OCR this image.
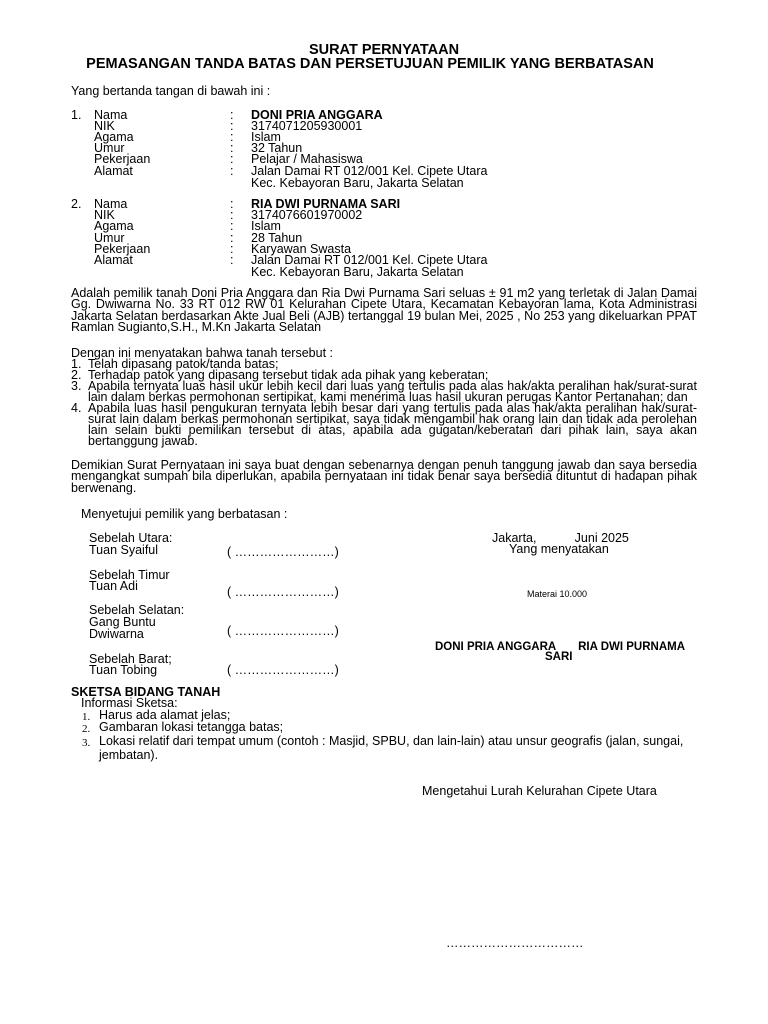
SURAT PERNYATAAN
PEMASANGAN TANDA BATAS DAN PERSETUJUAN PEMILIK YANG BERBATASAN
Yang bertanda tangan di bawah ini :
1. Nama	: DONI PRIA ANGGARA
NIK	: 3174071205930001
Agama	: Islam
Umur	: 32 Tahun
Pekerjaan	: Pelajar / Mahasiswa
Alamat	: Jalan Damai RT 012/001 Kel. Cipete Utara
Kec. Kebayoran Baru, Jakarta Selatan
2. Nama	: RIA DWI PURNAMA SARI
NIK	: 3174076601970002
Agama	: Islam
Umur	: 28 Tahun
Pekerjaan	: Karyawan Swasta
Alamat	: Jalan Damai RT 012/001 Kel. Cipete Utara
Kec. Kebayoran Baru, Jakarta Selatan
Adalah pemilik tanah Doni Pria Anggara dan Ria Dwi Purnama Sari seluas ± 91 m2 yang terletak di Jalan Damai Gg. Dwiwarna No. 33 RT 012 RW 01 Kelurahan Cipete Utara, Kecamatan Kebayoran lama, Kota Administrasi Jakarta Selatan berdasarkan Akte Jual Beli (AJB) tertanggal 19 bulan Mei, 2025 , No 253 yang dikeluarkan PPAT Ramlan Sugianto,S.H., M.Kn Jakarta Selatan
Dengan ini menyatakan bahwa tanah tersebut :
1. Telah dipasang patok/tanda batas;
2. Terhadap patok yang dipasang tersebut tidak ada pihak yang keberatan;
3. Apabila ternyata luas hasil ukur lebih kecil dari luas yang tertulis pada alas hak/akta peralihan hak/surat-surat lain dalam berkas permohonan sertipikat, kami menerima luas hasil ukuran perugas Kantor Pertanahan; dan
4. Apabila luas hasil pengukuran ternyata lebih besar dari yang tertulis pada alas hak/akta peralihan hak/surat-surat lain dalam berkas permohonan sertipikat, saya tidak mengambil hak orang lain dan tidak ada perolehan lain selain bukti pemilikan tersebut di atas, apabila ada gugatan/keberatan dari pihak lain, saya akan bertanggung jawab.
Demikian Surat Pernyataan ini saya buat dengan sebenarnya dengan penuh tanggung jawab dan saya bersedia mengangkat sumpah bila diperlukan, apabila pernyataan ini tidak benar saya bersedia dituntut di hadapan pihak berwenang.
Menyetujui pemilik yang berbatasan :
Sebelah Utara:
Tuan Syaiful	( ……………………)
Sebelah Timur
Tuan Adi	( ……………………)
Sebelah Selatan:
Gang Buntu
Dwiwarna	( ……………………)
Sebelah Barat;
Tuan Tobing	( ……………………)
Jakarta,           Juni 2025
Yang menyatakan
Materai 10.000
DONI PRIA ANGGARA       RIA DWI PURNAMA
SARI
SKETSA BIDANG TANAH
Informasi Sketsa:
1. Harus ada alamat jelas;
2. Gambaran lokasi tetangga batas;
3. Lokasi relatif dari tempat umum (contoh : Masjid, SPBU, dan lain-lain) atau unsur geografis (jalan, sungai,
jembatan).
Mengetahui Lurah Kelurahan Cipete Utara
……………………………
